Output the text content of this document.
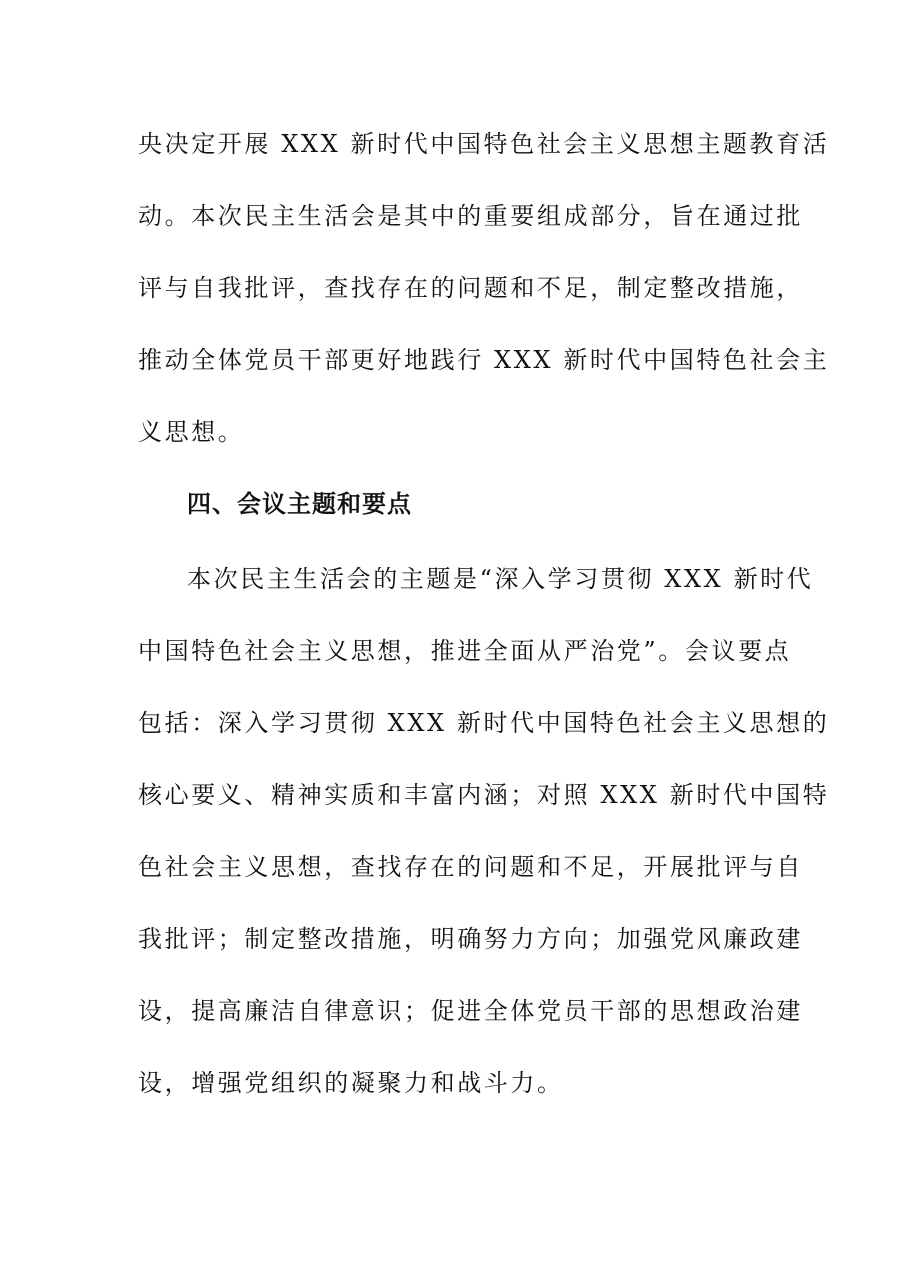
央决定开展 XXX 新时代中国特色社会主义思想主题教育活
动。本次民主生活会是其中的重要组成部分，旨在通过批
评与自我批评，查找存在的问题和不足，制定整改措施，
推动全体党员干部更好地践行 XXX 新时代中国特色社会主
义思想。
四、会议主题和要点
本次民主生活会的主题是“深入学习贯彻 XXX 新时代
中国特色社会主义思想，推进全面从严治党”。会议要点
包括：深入学习贯彻 XXX 新时代中国特色社会主义思想的
核心要义、精神实质和丰富内涵；对照 XXX 新时代中国特
色社会主义思想，查找存在的问题和不足，开展批评与自
我批评；制定整改措施，明确努力方向；加强党风廉政建
设，提高廉洁自律意识；促进全体党员干部的思想政治建
设，增强党组织的凝聚力和战斗力。
